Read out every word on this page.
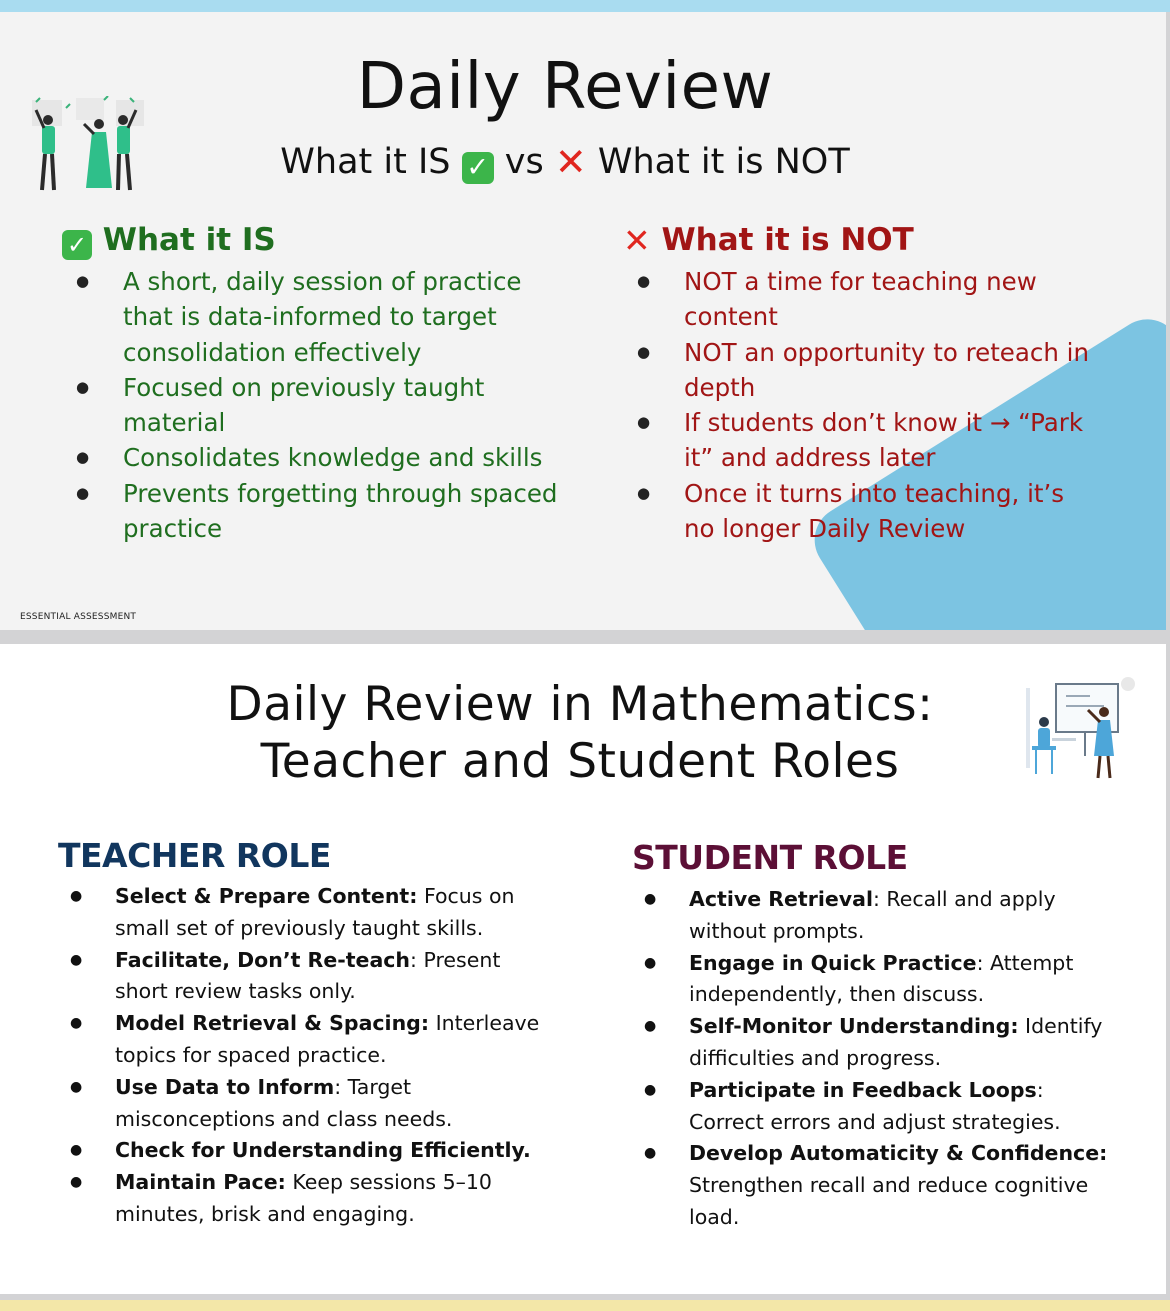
Daily Review

What it IS ✓ vs ✕ What it is NOT

✓ What it IS
● A short, daily session of practice that is data-informed to target consolidation effectively
● Focused on previously taught material
● Consolidates knowledge and skills
● Prevents forgetting through spaced practice
✕ What it is NOT
● NOT a time for teaching new content
● NOT an opportunity to reteach in depth
● If students don’t know it → “Park it” and address later
● Once it turns into teaching, it’s no longer Daily Review
ESSENTIAL ASSESSMENT
Daily Review in Mathematics:
Teacher and Student Roles
TEACHER ROLE
● Select & Prepare Content: Focus on small set of previously taught skills.
● Facilitate, Don’t Re-teach: Present short review tasks only.
● Model Retrieval & Spacing: Interleave topics for spaced practice.
● Use Data to Inform: Target misconceptions and class needs.
● Check for Understanding Efficiently.
● Maintain Pace: Keep sessions 5–10 minutes, brisk and engaging.
STUDENT ROLE
● Active Retrieval: Recall and apply without prompts.
● Engage in Quick Practice: Attempt independently, then discuss.
● Self-Monitor Understanding: Identify difficulties and progress.
● Participate in Feedback Loops: Correct errors and adjust strategies.
● Develop Automaticity & Confidence: Strengthen recall and reduce cognitive load.
